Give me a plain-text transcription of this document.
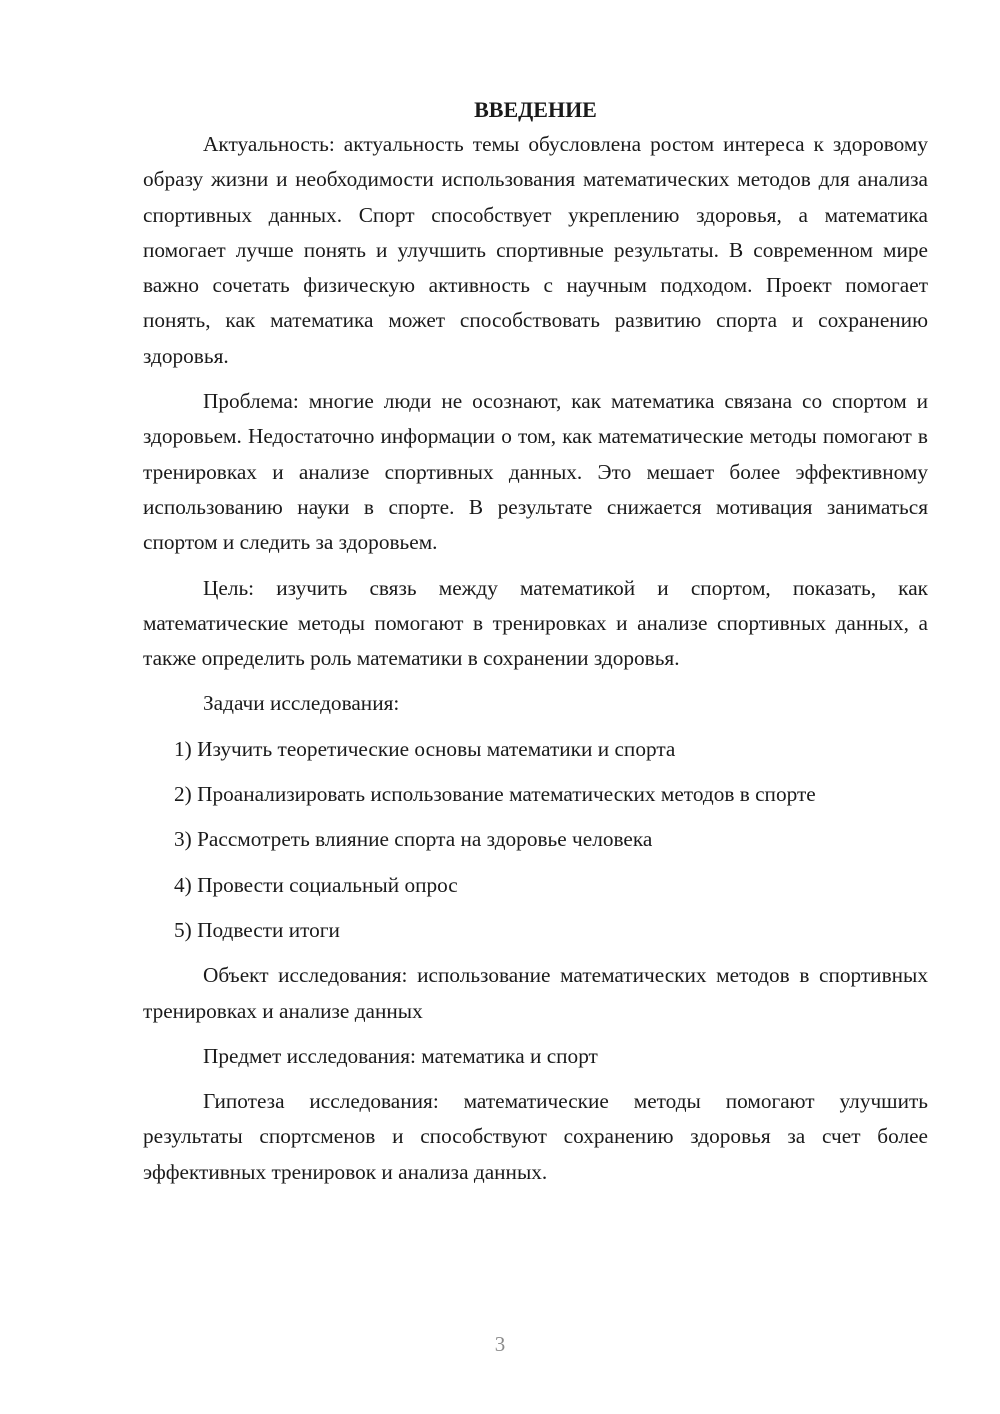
ВВЕДЕНИЕ

Актуальность: актуальность темы обусловлена ростом интереса к здоровому образу жизни и необходимости использования математических методов для анализа спортивных данных. Спорт способствует укреплению здоровья, а математика помогает лучше понять и улучшить спортивные результаты. В современном мире важно сочетать физическую активность с научным подходом. Проект помогает понять, как математика может способствовать развитию спорта и сохранению здоровья.

Проблема: многие люди не осознают, как математика связана со спортом и здоровьем. Недостаточно информации о том, как математические методы помогают в тренировках и анализе спортивных данных. Это мешает более эффективному использованию науки в спорте. В результате снижается мотивация заниматься спортом и следить за здоровьем.

Цель: изучить связь между математикой и спортом, показать, как математические методы помогают в тренировках и анализе спортивных данных, а также определить роль математики в сохранении здоровья.

Задачи исследования:

1) Изучить теоретические основы математики и спорта

2) Проанализировать использование математических методов в спорте

3) Рассмотреть влияние спорта на здоровье человека

4) Провести социальный опрос

5) Подвести итоги

Объект исследования: использование математических методов в спортивных тренировках и анализе данных

Предмет исследования: математика и спорт

Гипотеза исследования: математические методы помогают улучшить результаты спортсменов и способствуют сохранению здоровья за счет более эффективных тренировок и анализа данных.

3
